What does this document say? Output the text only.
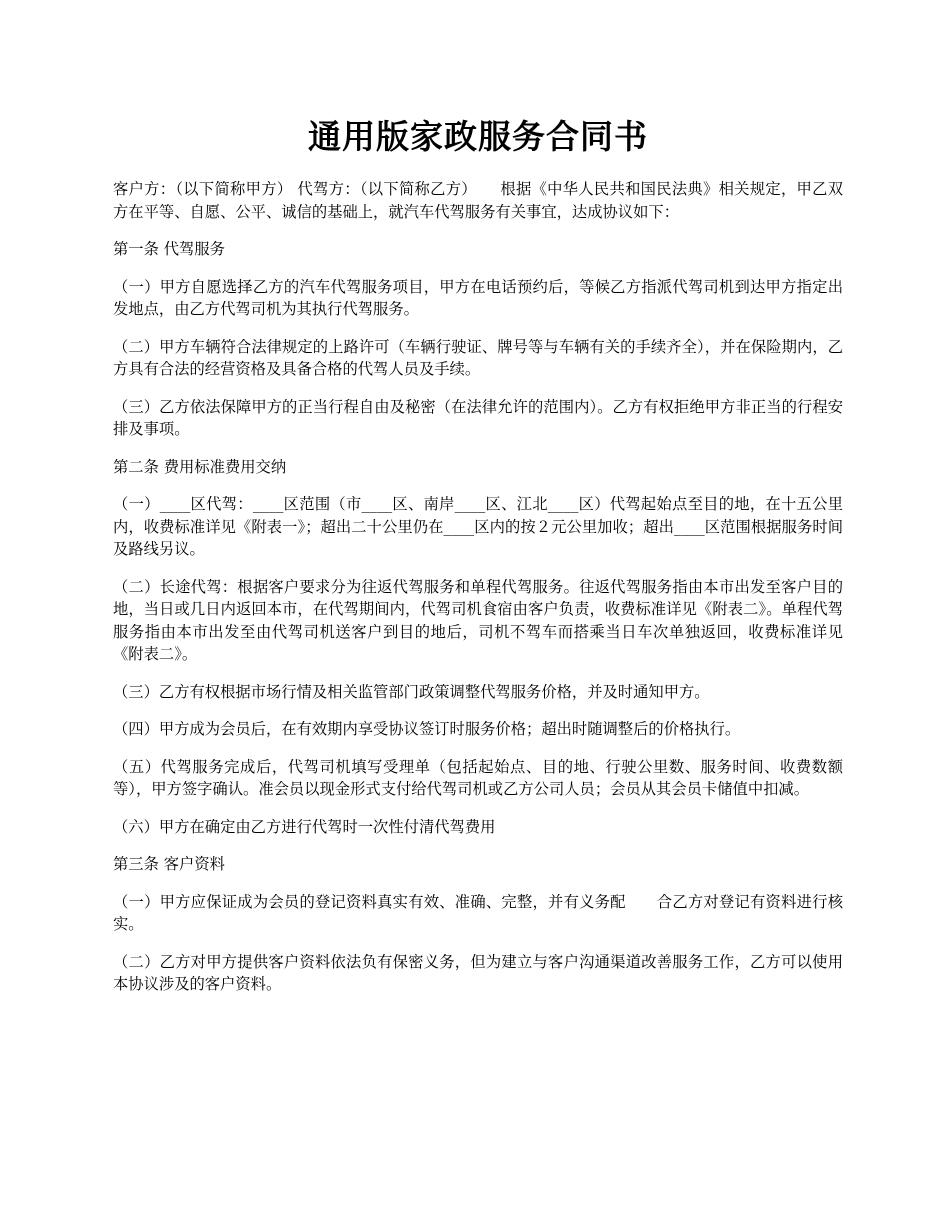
通用版家政服务合同书

客户方：（以下简称甲方） 代驾方：（以下简称乙方）　　根据《中华人民共和国民法典》相关规定，甲乙双方在平等、自愿、公平、诚信的基础上，就汽车代驾服务有关事宜，达成协议如下：

第一条 代驾服务

（一）甲方自愿选择乙方的汽车代驾服务项目，甲方在电话预约后，等候乙方指派代驾司机到达甲方指定出发地点，由乙方代驾司机为其执行代驾服务。

（二）甲方车辆符合法律规定的上路许可（车辆行驶证、牌号等与车辆有关的手续齐全），并在保险期内，乙方具有合法的经营资格及具备合格的代驾人员及手续。

（三）乙方依法保障甲方的正当行程自由及秘密（在法律允许的范围内）。乙方有权拒绝甲方非正当的行程安排及事项。

第二条 费用标准费用交纳

（一）____区代驾：____区范围（市____区、南岸____区、江北____区）代驾起始点至目的地，在十五公里内，收费标准详见《附表一》；超出二十公里仍在____区内的按２元公里加收；超出____区范围根据服务时间及路线另议。

（二）长途代驾：根据客户要求分为往返代驾服务和单程代驾服务。往返代驾服务指由本市出发至客户目的地，当日或几日内返回本市，在代驾期间内，代驾司机食宿由客户负责，收费标准详见《附表二》。单程代驾服务指由本市出发至由代驾司机送客户到目的地后，司机不驾车而搭乘当日车次单独返回，收费标准详见《附表二》。

（三）乙方有权根据市场行情及相关监管部门政策调整代驾服务价格，并及时通知甲方。

（四）甲方成为会员后，在有效期内享受协议签订时服务价格；超出时随调整后的价格执行。

（五）代驾服务完成后，代驾司机填写受理单（包括起始点、目的地、行驶公里数、服务时间、收费数额等），甲方签字确认。准会员以现金形式支付给代驾司机或乙方公司人员；会员从其会员卡储值中扣减。

（六）甲方在确定由乙方进行代驾时一次性付清代驾费用

第三条 客户资料

（一）甲方应保证成为会员的登记资料真实有效、准确、完整，并有义务配　　合乙方对登记有资料进行核实。

（二）乙方对甲方提供客户资料依法负有保密义务，但为建立与客户沟通渠道改善服务工作，乙方可以使用本协议涉及的客户资料。
